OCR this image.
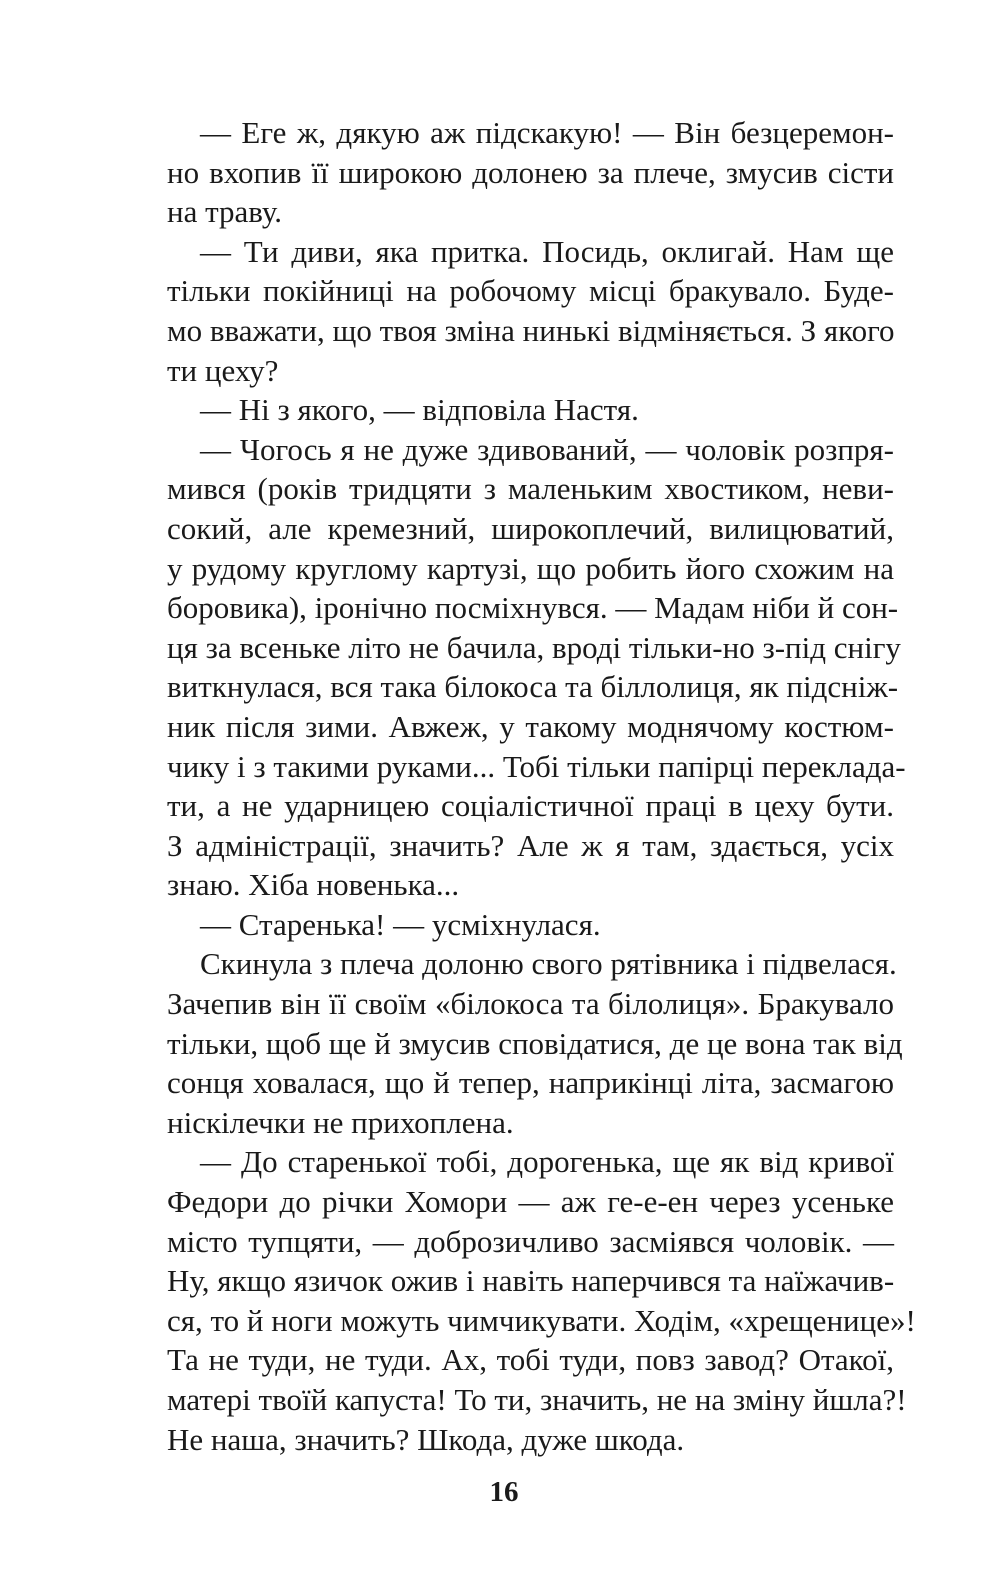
— Еге ж, дякую аж підскакую! — Він безцеремон-
но вхопив її широкою долонею за плече, змусив сісти
на траву.
— Ти диви, яка притка. Посидь, оклигай. Нам ще
тільки покійниці на робочому місці бракувало. Буде-
мо вважати, що твоя зміна нинькі відміняється. З якого
ти цеху?
— Ні з якого, — відповіла Настя.
— Чогось я не дуже здивований, — чоловік розпря-
мився (років тридцяти з маленьким хвостиком, неви-
сокий, але кремезний, широкоплечий, вилицюватий,
у рудому круглому картузі, що робить його схожим на
боровика), іронічно посміхнувся. — Мадам ніби й сон-
ця за всеньке літо не бачила, вроді тільки-но з-під снігу
виткнулася, вся така білокоса та біллолиця, як підсніж-
ник після зими. Авжеж, у такому моднячому костюм-
чику і з такими руками... Тобі тільки папірці переклада-
ти, а не ударницею соціалістичної праці в цеху бути.
З адміністрації, значить? Але ж я там, здається, усіх
знаю. Хіба новенька...
— Старенька! — усміхнулася.
Скинула з плеча долоню свого рятівника і підвелася.
Зачепив він її своїм «білокоса та білолиця». Бракувало
тільки, щоб ще й змусив сповідатися, де це вона так від
сонця ховалася, що й тепер, наприкінці літа, засмагою
ніскілечки не прихоплена.
— До старенької тобі, дорогенька, ще як від кривої
Федори до річки Хомори — аж ге-е-ен через усеньке
місто тупцяти, — доброзичливо засміявся чоловік. —
Ну, якщо язичок ожив і навіть наперчився та наїжачив-
ся, то й ноги можуть чимчикувати. Ходім, «хрещенице»!
Та не туди, не туди. Ах, тобі туди, повз завод? Отакої,
матері твоїй капуста! То ти, значить, не на зміну йшла?!
Не наша, значить? Шкода, дуже шкода.
16
